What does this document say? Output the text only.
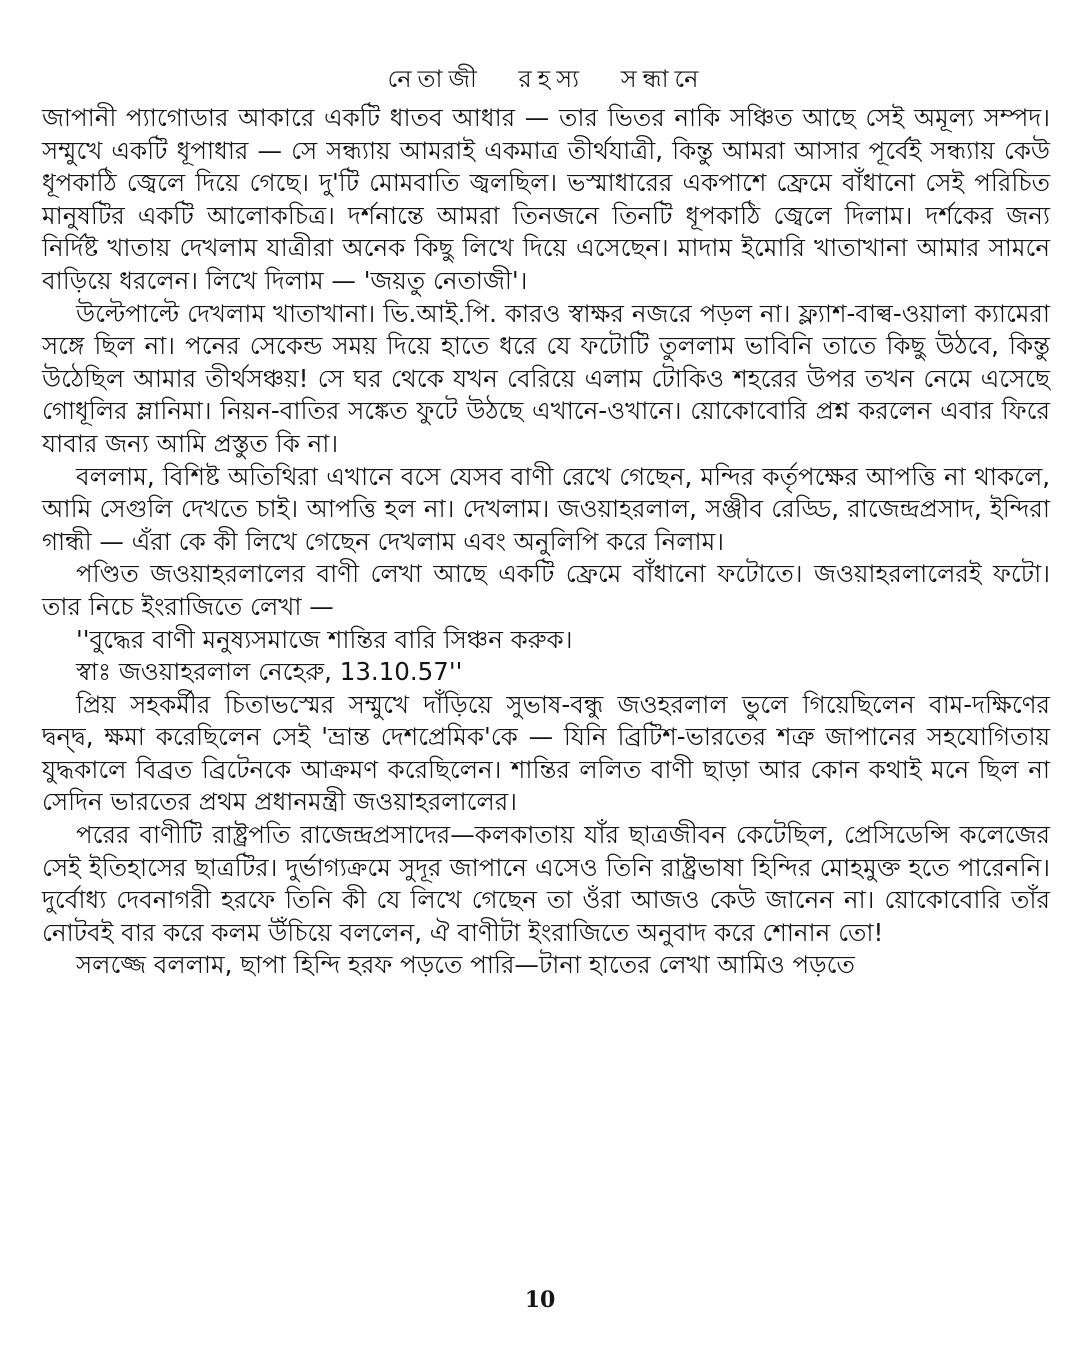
নেতাজী রহস্য সন্ধানে

জাপানী প্যাগোডার আকারে একটি ধাতব আধার — তার ভিতর নাকি সঞ্চিত আছে সেই অমূল্য সম্পদ। সম্মুখে একটি ধূপাধার — সে সন্ধ্যায় আমরাই একমাত্র তীর্থযাত্রী, কিন্তু আমরা আসার পূর্বেই সন্ধ্যায় কেউ ধূপকাঠি জ্বেলে দিয়ে গেছে। দু'টি মোমবাতি জ্বলছিল। ভস্মাধারের একপাশে ফ্রেমে বাঁধানো সেই পরিচিত মানুষটির একটি আলোকচিত্র। দর্শনান্তে আমরা তিনজনে তিনটি ধূপকাঠি জ্বেলে দিলাম। দর্শকের জন্য নির্দিষ্ট খাতায় দেখলাম যাত্রীরা অনেক কিছু লিখে দিয়ে এসেছেন। মাদাম ইমোরি খাতাখানা আমার সামনে বাড়িয়ে ধরলেন। লিখে দিলাম — 'জয়তু নেতাজী'।

উল্টেপাল্টে দেখলাম খাতাখানা। ভি.আই.পি. কারও স্বাক্ষর নজরে পড়ল না। ফ্ল্যাশ-বাল্ব-ওয়ালা ক্যামেরা সঙ্গে ছিল না। পনের সেকেন্ড সময় দিয়ে হাতে ধরে যে ফটোটি তুললাম ভাবিনি তাতে কিছু উঠবে, কিন্তু উঠেছিল আমার তীর্থসঞ্চয়! সে ঘর থেকে যখন বেরিয়ে এলাম টোকিও শহরের উপর তখন নেমে এসেছে গোধূলির ম্লানিমা। নিয়ন-বাতির সঙ্কেত ফুটে উঠছে এখানে-ওখানে। য়োকোবোরি প্রশ্ন করলেন এবার ফিরে যাবার জন্য আমি প্রস্তুত কি না।

বললাম, বিশিষ্ট অতিথিরা এখানে বসে যেসব বাণী রেখে গেছেন, মন্দির কর্তৃপক্ষের আপত্তি না থাকলে, আমি সেগুলি দেখতে চাই। আপত্তি হল না। দেখলাম। জওয়াহরলাল, সঞ্জীব রেড্ডি, রাজেন্দ্রপ্রসাদ, ইন্দিরা গান্ধী — এঁরা কে কী লিখে গেছেন দেখলাম এবং অনুলিপি করে নিলাম।

পণ্ডিত জওয়াহরলালের বাণী লেখা আছে একটি ফ্রেমে বাঁধানো ফটোতে। জওয়াহরলালেরই ফটো। তার নিচে ইংরাজিতে লেখা —

''বুদ্ধের বাণী মনুষ্যসমাজে শান্তির বারি সিঞ্চন করুক।

স্বাঃ জওয়াহরলাল নেহেরু, 13.10.57''

প্রিয় সহকর্মীর চিতাভস্মের সম্মুখে দাঁড়িয়ে সুভাষ-বন্ধু জওহরলাল ভুলে গিয়েছিলেন বাম-দক্ষিণের দ্বন্দ্ব, ক্ষমা করেছিলেন সেই 'ভ্রান্ত দেশপ্রেমিক'কে — যিনি ব্রিটিশ-ভারতের শত্রু জাপানের সহযোগিতায় যুদ্ধকালে বিব্রত ব্রিটেনকে আক্রমণ করেছিলেন। শান্তির ললিত বাণী ছাড়া আর কোন কথাই মনে ছিল না সেদিন ভারতের প্রথম প্রধানমন্ত্রী জওয়াহরলালের।

পরের বাণীটি রাষ্ট্রপতি রাজেন্দ্রপ্রসাদের—কলকাতায় যাঁর ছাত্রজীবন কেটেছিল, প্রেসিডেন্সি কলেজের সেই ইতিহাসের ছাত্রটির। দুর্ভাগ্যক্রমে সুদূর জাপানে এসেও তিনি রাষ্ট্রভাষা হিন্দির মোহমুক্ত হতে পারেননি। দুর্বোধ্য দেবনাগরী হরফে তিনি কী যে লিখে গেছেন তা ওঁরা আজও কেউ জানেন না। য়োকোবোরি তাঁর নোটবই বার করে কলম উঁচিয়ে বললেন, ঐ বাণীটা ইংরাজিতে অনুবাদ করে শোনান তো!

সলজ্জে বললাম, ছাপা হিন্দি হরফ পড়তে পারি—টানা হাতের লেখা আমিও পড়তে

10
